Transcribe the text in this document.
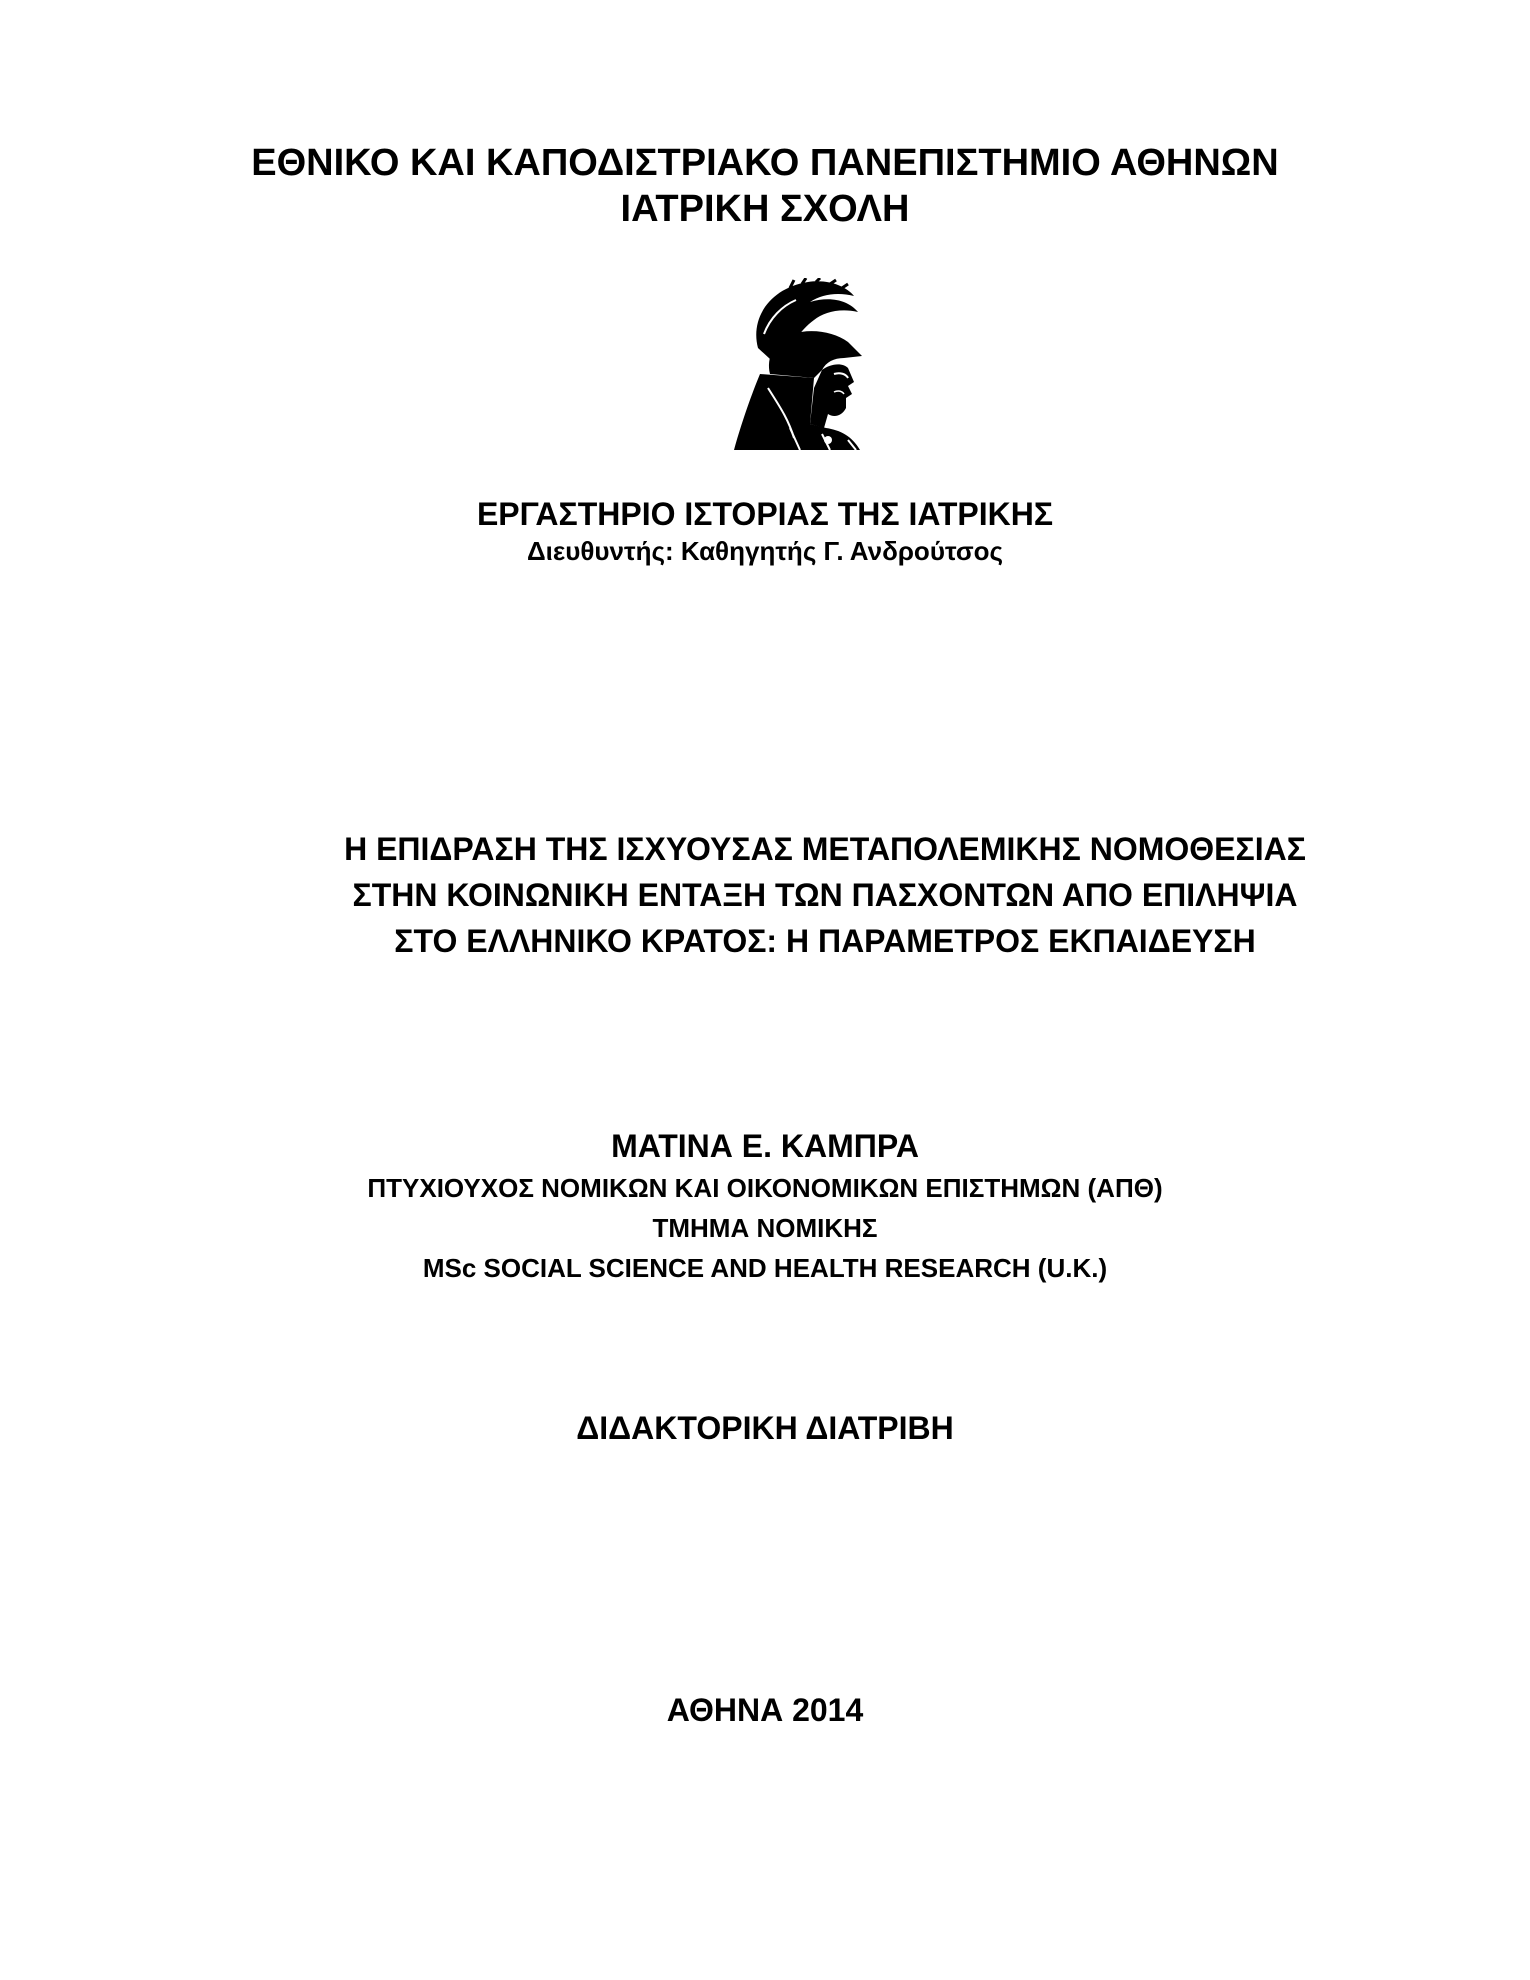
ΕΘΝΙΚΟ ΚΑΙ ΚΑΠΟΔΙΣΤΡΙΑΚΟ ΠΑΝΕΠΙΣΤΗΜΙΟ ΑΘΗΝΩΝ
ΙΑΤΡΙΚΗ ΣΧΟΛΗ
ΕΡΓΑΣΤΗΡΙΟ ΙΣΤΟΡΙΑΣ ΤΗΣ ΙΑΤΡΙΚΗΣ
Διευθυντής: Καθηγητής Γ. Ανδρούτσος
Η ΕΠΙΔΡΑΣΗ ΤΗΣ ΙΣΧΥΟΥΣΑΣ ΜΕΤΑΠΟΛΕΜΙΚΗΣ ΝΟΜΟΘΕΣΙΑΣ
ΣΤΗΝ ΚΟΙΝΩΝΙΚΗ ΕΝΤΑΞΗ ΤΩΝ ΠΑΣΧΟΝΤΩΝ ΑΠΟ ΕΠΙΛΗΨΙΑ
ΣΤΟ ΕΛΛΗΝΙΚΟ ΚΡΑΤΟΣ: Η ΠΑΡΑΜΕΤΡΟΣ ΕΚΠΑΙΔΕΥΣΗ
ΜΑΤΙΝΑ Ε. ΚΑΜΠΡΑ
ΠΤΥΧΙΟΥΧΟΣ ΝΟΜΙΚΩΝ ΚΑΙ ΟΙΚΟΝΟΜΙΚΩΝ ΕΠΙΣΤΗΜΩΝ (ΑΠΘ)
ΤΜΗΜΑ ΝΟΜΙΚΗΣ
MSc SOCIAL SCIENCE AND HEALTH RESEARCH (U.K.)
ΔΙΔΑΚΤΟΡΙΚΗ ΔΙΑΤΡΙΒΗ
ΑΘΗΝΑ 2014
